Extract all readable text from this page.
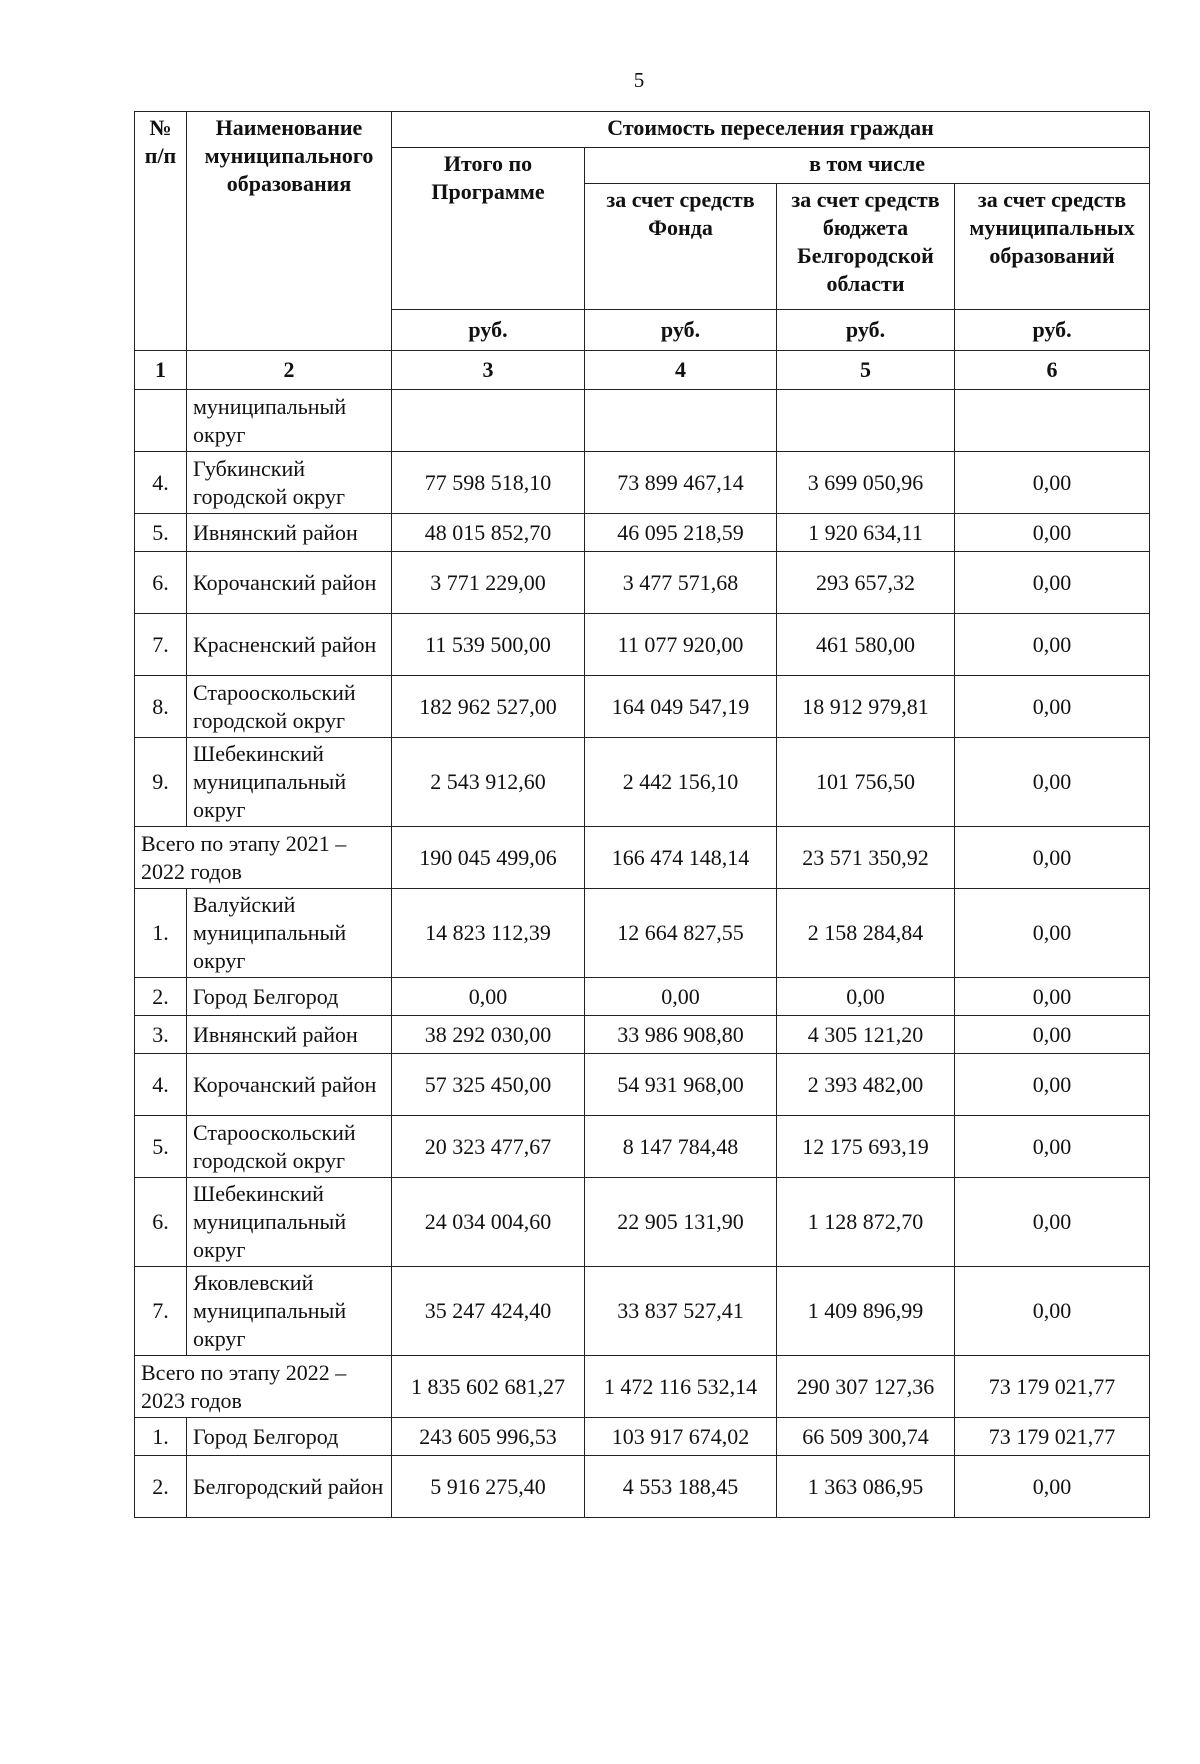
5
№ п/п	Наименование муниципального образования	Стоимость переселения граждан			
		Итого по Программе	в том числе		
			за счет средств Фонда	за счет средств бюджета Белгородской области	за счет средств муниципальных образований
		руб.	руб.	руб.	руб.
1	2	3	4	5	6
	муниципальный округ				
4.	Губкинский городской округ	77 598 518,10	73 899 467,14	3 699 050,96	0,00
5.	Ивнянский район	48 015 852,70	46 095 218,59	1 920 634,11	0,00
6.	Корочанский район	3 771 229,00	3 477 571,68	293 657,32	0,00
7.	Красненский район	11 539 500,00	11 077 920,00	461 580,00	0,00
8.	Старооскольский городской округ	182 962 527,00	164 049 547,19	18 912 979,81	0,00
9.	Шебекинский муниципальный округ	2 543 912,60	2 442 156,10	101 756,50	0,00
Всего по этапу 2021 – 2022 годов		190 045 499,06	166 474 148,14	23 571 350,92	0,00
1.	Валуйский муниципальный округ	14 823 112,39	12 664 827,55	2 158 284,84	0,00
2.	Город Белгород	0,00	0,00	0,00	0,00
3.	Ивнянский район	38 292 030,00	33 986 908,80	4 305 121,20	0,00
4.	Корочанский район	57 325 450,00	54 931 968,00	2 393 482,00	0,00
5.	Старооскольский городской округ	20 323 477,67	8 147 784,48	12 175 693,19	0,00
6.	Шебекинский муниципальный округ	24 034 004,60	22 905 131,90	1 128 872,70	0,00
7.	Яковлевский муниципальный округ	35 247 424,40	33 837 527,41	1 409 896,99	0,00
Всего по этапу 2022 – 2023 годов		1 835 602 681,27	1 472 116 532,14	290 307 127,36	73 179 021,77
1.	Город Белгород	243 605 996,53	103 917 674,02	66 509 300,74	73 179 021,77
2.	Белгородский район	5 916 275,40	4 553 188,45	1 363 086,95	0,00
